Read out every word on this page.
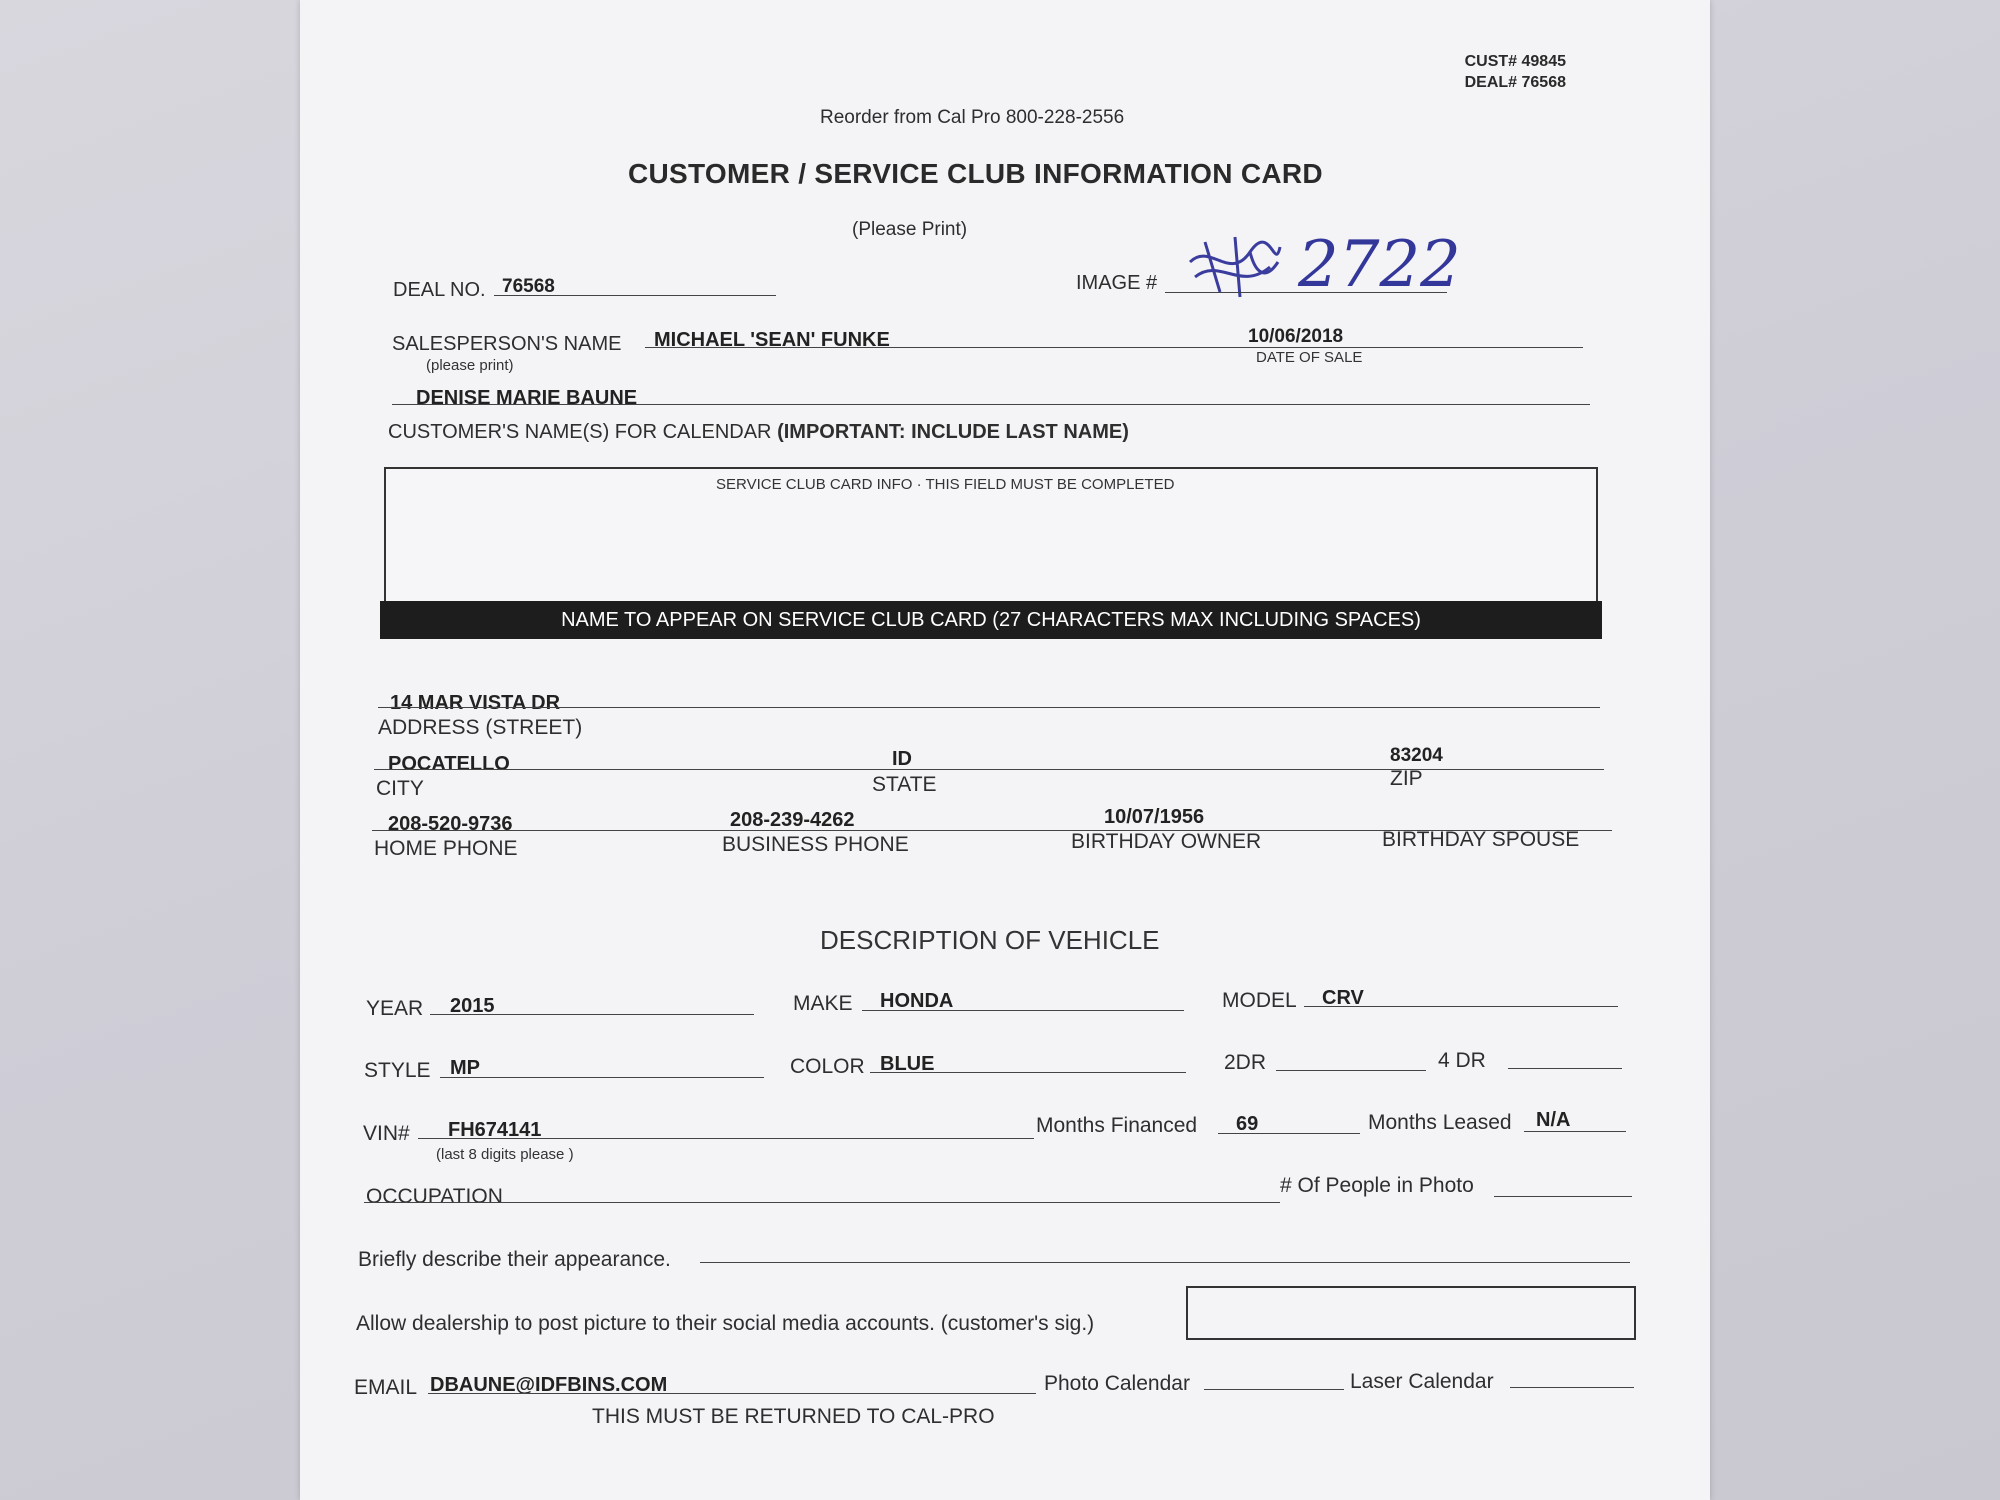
CUST# 49845
DEAL# 76568
Reorder from Cal Pro 800-228-2556
CUSTOMER / SERVICE CLUB INFORMATION CARD
(Please Print)
DEAL NO. 76568	IMAGE # 2722
SALESPERSON'S NAME
(please print)
MICHAEL 'SEAN' FUNKE	10/06/2018
DATE OF SALE
DENISE MARIE BAUNE
CUSTOMER'S NAME(S) FOR CALENDAR (IMPORTANT: INCLUDE LAST NAME)
SERVICE CLUB CARD INFO · THIS FIELD MUST BE COMPLETED
NAME TO APPEAR ON SERVICE CLUB CARD (27 CHARACTERS MAX INCLUDING SPACES)
14 MAR VISTA DR
ADDRESS (STREET)
POCATELLO	ID	83204
CITY	STATE	ZIP
208-520-9736	208-239-4262	10/07/1956
HOME PHONE	BUSINESS PHONE	BIRTHDAY OWNER	BIRTHDAY SPOUSE
DESCRIPTION OF VEHICLE
YEAR 2015	MAKE HONDA	MODEL CRV
STYLE MP	COLOR BLUE	2DR	4 DR
VIN# FH674141
(last 8 digits please )
Months Financed 69	Months Leased N/A
OCCUPATION	# Of People in Photo
Briefly describe their appearance.
Allow dealership to post picture to their social media accounts. (customer's sig.)
EMAIL DBAUNE@IDFBINS.COM	Photo Calendar	Laser Calendar
THIS MUST BE RETURNED TO CAL-PRO
